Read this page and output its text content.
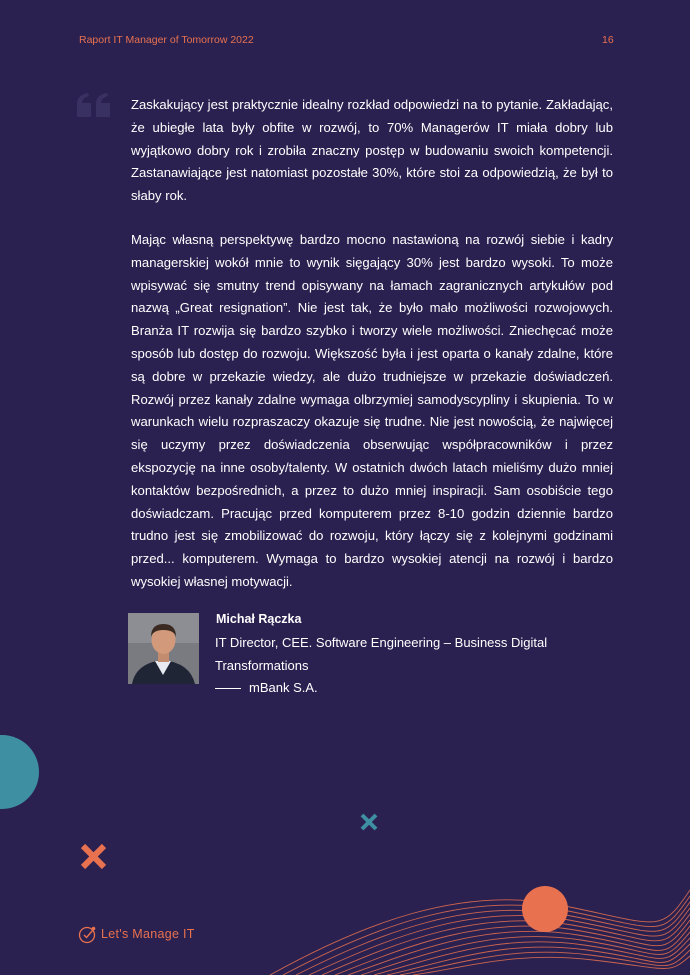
Raport IT Manager of Tomorrow 2022	16

Zaskakujący jest praktycznie idealny rozkład odpowiedzi na to pytanie. Zakładając, że ubiegłe lata były obfite w rozwój, to 70% Managerów IT miała dobry lub wyjątkowo dobry rok i zrobiła znaczny postęp w budowaniu swoich kompetencji. Zastanawiające jest natomiast pozostałe 30%, które stoi za odpowiedzią, że był to słaby rok.

Mając własną perspektywę bardzo mocno nastawioną na rozwój siebie i kadry managerskiej wokół mnie to wynik sięgający 30% jest bardzo wysoki. To może wpisywać się smutny trend opisywany na łamach zagranicznych artykułów pod nazwą „Great resignation”. Nie jest tak, że było mało możliwości rozwojowych. Branża IT rozwija się bardzo szybko i tworzy wiele możliwości. Zniechęcać może sposób lub dostęp do rozwoju. Większość była i jest oparta o kanały zdalne, które są dobre w przekazie wiedzy, ale dużo trudniejsze w przekazie doświadczeń. Rozwój przez kanały zdalne wymaga olbrzymiej samodyscypliny i skupienia. To w warunkach wielu rozpraszaczy okazuje się trudne. Nie jest nowością, że najwięcej się uczymy przez doświadczenia obserwując współpracowników i przez ekspozycję na inne osoby/talenty. W ostatnich dwóch latach mieliśmy dużo mniej kontaktów bezpośrednich, a przez to dużo mniej inspiracji. Sam osobiście tego doświadczam. Pracując przed komputerem przez 8-10 godzin dziennie bardzo trudno jest się zmobilizować do rozwoju, który łączy się z kolejnymi godzinami przed... komputerem. Wymaga to bardzo wysokiej atencji na rozwój i bardzo wysokiej własnej motywacji.

Michał Rączka
IT Director, CEE. Software Engineering – Business Digital Transformations
mBank S.A.
Let's Manage IT
